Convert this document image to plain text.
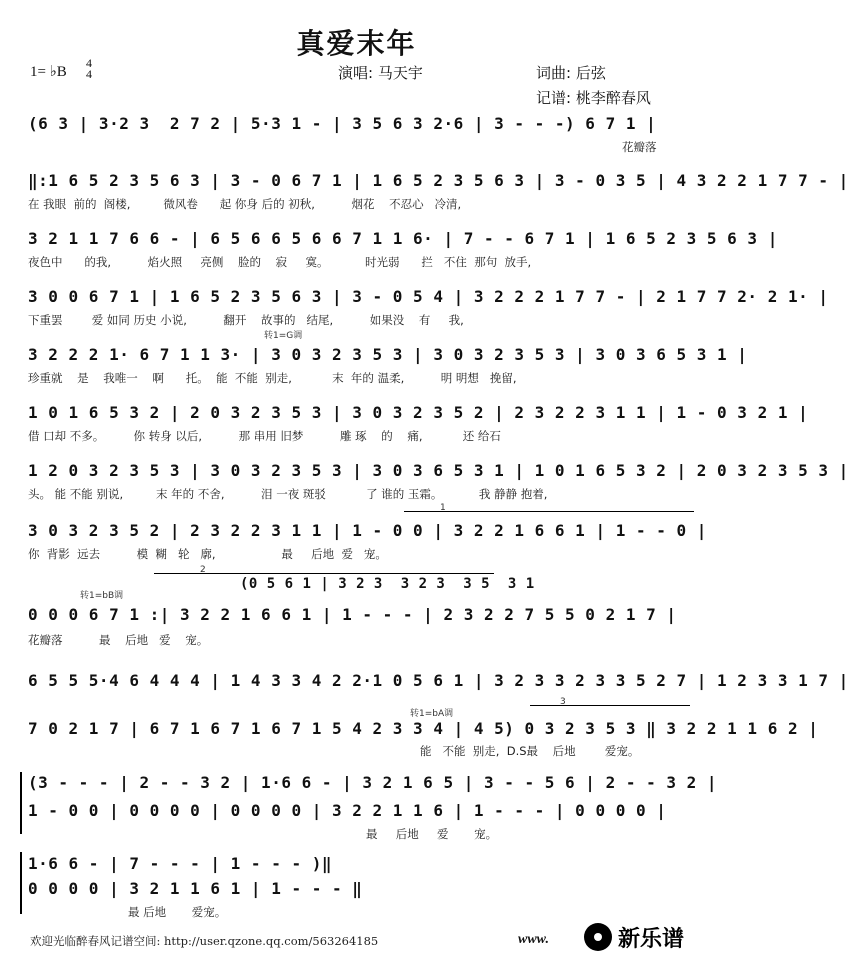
真爱末年
1= ♭B
4
4	演唱: 马天宇	词曲: 后弦
记谱: 桃李醉春风
(6 3 | 3·2 3  2 7 2 | 5·3 1 - | 3 5 6 3 2·6 | 3 - - -) 6 7 1 |
花瓣落
‖:1 6 5 2 3 5 6 3 | 3 - 0 6 7 1 | 1 6 5 2 3 5 6 3 | 3 - 0 3 5 | 4 3 2 2 1 7 7 - |
在 我眼  前的  阁楼,         微风卷      起 你身 后的 初秋,          烟花    不忍心   冷清,
3 2 1 1 7 6 6 - | 6 5 6 6 5 6 6 7 1 1 6· | 7 - - 6 7 1 | 1 6 5 2 3 5 6 3 |
夜色中      的我,          焰火照     亮侧    脸的    寂     寞。          时光弱      拦   不住  那句  放手,
3 0 0 6 7 1 | 1 6 5 2 3 5 6 3 | 3 - 0 5 4 | 3 2 2 2 1 7 7 - | 2 1 7 7 2· 2 1· |
下重罢        爱 如同 历史 小说,          翻开    故事的   结尾,          如果没    有     我,
转1=G调
3 2 2 2 1· 6 7 1 1 3· | 3 0 3 2 3 5 3 | 3 0 3 2 3 5 3 | 3 0 3 6 5 3 1 |
珍重就    是    我唯一    啊      托。  能  不能  别走,           末  年的 温柔,          明 明想   挽留,
1 0 1 6 5 3 2 | 2 0 3 2 3 5 3 | 3 0 3 2 3 5 2 | 2 3 2 2 3 1 1 | 1 - 0 3 2 1 |
借 口却 不多。        你 转身 以后,          那 串用 旧梦          雕 琢    的    痛,           还 给石
1 2 0 3 2 3 5 3 | 3 0 3 2 3 5 3 | 3 0 3 6 5 3 1 | 1 0 1 6 5 3 2 | 2 0 3 2 3 5 3 |
头。 能 不能 别说,         末 年的 不舍,          泪 一夜 斑驳           了 谁的 玉霜。          我 静静 抱着,
1
3 0 3 2 3 5 2 | 2 3 2 2 3 1 1 | 1 - 0 0 | 3 2 2 1 6 6 1 | 1 - - 0 |
你  背影  远去          模  糊   轮   廓,                  最     后地  爱   宠。
2
(0 5 6 1 | 3 2 3  3 2 3  3 5  3 1
转1=bB调
0 0 0 6 7 1 :| 3 2 2 1 6 6 1 | 1 - - - | 2 3 2 2 7 5 5 0 2 1 7 |
花瓣落          最    后地   爱    宠。
6 5 5 5·4 6 4 4 4 | 1 4 3 3 4 2 2·1 0 5 6 1 | 3 2 3 3 2 3 3 5 2 7 | 1 2 3 3 1 7 |
3
转1=bA调
7 0 2 1 7 | 6 7 1 6 7 1 6 7 1 5 4 2 3 3 4 | 4 5) 0 3 2 3 5 3 ‖ 3 2 2 1 1 6 2 |
能   不能  别走,  D.S最    后地        爱宠。
(3 - - - | 2 - - 3 2 | 1·6 6 - | 3 2 1 6 5 | 3 - - 5 6 | 2 - - 3 2 |
1 - 0 0 | 0 0 0 0 | 0 0 0 0 | 3 2 2 1 1 6 | 1 - - - | 0 0 0 0 |
最     后地     爱       宠。
1·6 6 - | 7 - - - | 1 - - - )‖
0 0 0 0 | 3 2 1 1 6 1 | 1 - - - ‖
最 后地       爱宠。
欢迎光临醉春风记谱空间: http://user.qzone.qq.com/563264185	www.	新乐谱
